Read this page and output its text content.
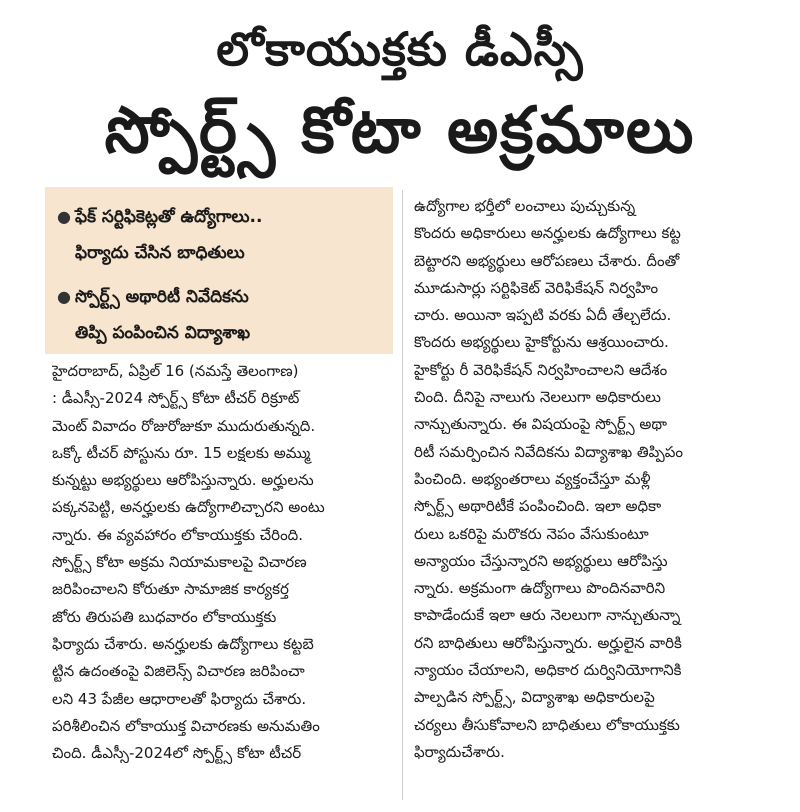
లోకాయుక్తకు డీఎస్సీ
స్పోర్ట్స్ కోటా అక్రమాలు
● ఫేక్ సర్టిఫికెట్లతో ఉద్యోగాలు..
ఫిర్యాదు చేసిన బాధితులు
● స్పోర్ట్స్ అథారిటీ నివేదికను
తిప్పి పంపించిన విద్యాశాఖ
హైదరాబాద్, ఏప్రిల్ 16 (నమస్తే తెలంగాణ)
: డీఎస్సీ-2024 స్పోర్ట్స్ కోటా టీచర్ రిక్రూట్
మెంట్ వివాదం రోజురోజుకూ ముదురుతున్నది.
ఒక్కో టీచర్ పోస్టును రూ. 15 లక్షలకు అమ్ము
కున్నట్టు అభ్యర్థులు ఆరోపిస్తున్నారు. అర్హులను
పక్కనపెట్టి, అనర్హులకు ఉద్యోగాలిచ్చారని అంటు
న్నారు. ఈ వ్యవహారం లోకాయుక్తకు చేరింది.
స్పోర్ట్స్ కోటా అక్రమ నియామకాలపై విచారణ
జరిపించాలని కోరుతూ సామాజిక కార్యకర్త
జోరు తిరుపతి బుధవారం లోకాయుక్తకు
ఫిర్యాదు చేశారు. అనర్హులకు ఉద్యోగాలు కట్టబె
ట్టిన ఉదంతంపై విజిలెన్స్ విచారణ జరిపించా
లని 43 పేజీల ఆధారాలతో ఫిర్యాదు చేశారు.
పరిశీలించిన లోకాయుక్త విచారణకు అనుమతిం
చింది. డీఎస్సీ-2024లో స్పోర్ట్స్ కోటా టీచర్
ఉద్యోగాల భర్తీలో లంచాలు పుచ్చుకున్న
కొందరు అధికారులు అనర్హులకు ఉద్యోగాలు కట్ట
బెట్టారని అభ్యర్థులు ఆరోపణలు చేశారు. దీంతో
మూడుసార్లు సర్టిఫికెట్ వెరిఫికేషన్ నిర్వహిం
చారు. అయినా ఇప్పటి వరకు ఏదీ తేల్చలేదు.
కొందరు అభ్యర్థులు హైకోర్టును ఆశ్రయించారు.
హైకోర్టు రీ వెరిఫికేషన్ నిర్వహించాలని ఆదేశం
చింది. దీనిపై నాలుగు నెలలుగా అధికారులు
నాన్చుతున్నారు. ఈ విషయంపై స్పోర్ట్స్ అథా
రిటీ సమర్పించిన నివేదికను విద్యాశాఖ తిప్పిపం
పించింది. అభ్యంతరాలు వ్యక్తంచేస్తూ మళ్లీ
స్పోర్ట్స్ అథారిటీకే పంపించింది. ఇలా అధికా
రులు ఒకరిపై మరొకరు నెపం వేసుకుంటూ
అన్యాయం చేస్తున్నారని అభ్యర్థులు ఆరోపిస్తు
న్నారు. అక్రమంగా ఉద్యోగాలు పొందినవారిని
కాపాడేందుకే ఇలా ఆరు నెలలుగా నాన్చుతున్నా
రని బాధితులు ఆరోపిస్తున్నారు. అర్హులైన వారికి
న్యాయం చేయాలని, అధికార దుర్వినియోగానికి
పాల్పడిన స్పోర్ట్స్, విద్యాశాఖ అధికారులపై
చర్యలు తీసుకోవాలని బాధితులు లోకాయుక్తకు
ఫిర్యాదుచేశారు.
